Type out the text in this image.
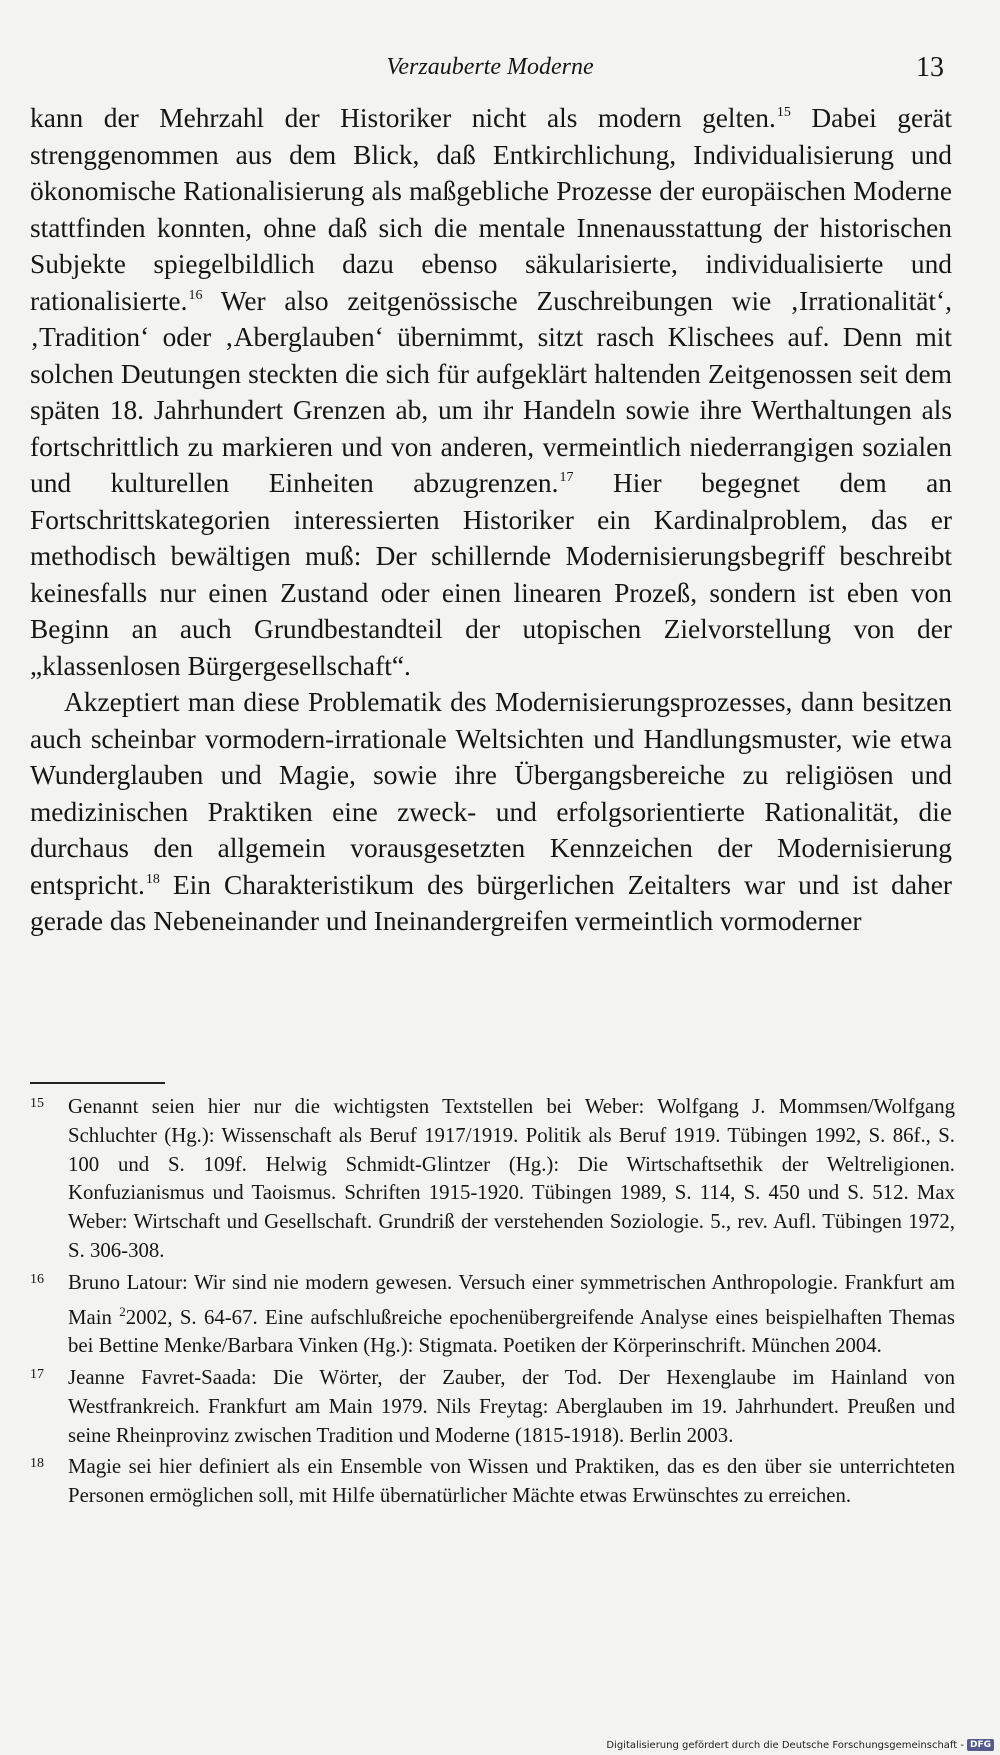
Verzauberte Moderne	13

kann der Mehrzahl der Historiker nicht als modern gelten.$^{15}$ Dabei gerät strenggenommen aus dem Blick, daß Entkirchlichung, Individualisierung und ökonomische Rationalisierung als maßgebliche Prozesse der europäischen Moderne stattfinden konnten, ohne daß sich die mentale Innenausstattung der historischen Subjekte spiegelbildlich dazu ebenso säkularisierte, individualisierte und rationalisierte.$^{16}$ Wer also zeitgenössische Zuschreibungen wie ‚Irrationalität‘, ‚Tradition‘ oder ‚Aberglauben‘ übernimmt, sitzt rasch Klischees auf. Denn mit solchen Deutungen steckten die sich für aufgeklärt haltenden Zeitgenossen seit dem späten 18. Jahrhundert Grenzen ab, um ihr Handeln sowie ihre Werthaltungen als fortschrittlich zu markieren und von anderen, vermeintlich niederrangigen sozialen und kulturellen Einheiten abzugrenzen.$^{17}$ Hier begegnet dem an Fortschrittskategorien interessierten Historiker ein Kardinalproblem, das er methodisch bewältigen muß: Der schillernde Modernisierungsbegriff beschreibt keinesfalls nur einen Zustand oder einen linearen Prozeß, sondern ist eben von Beginn an auch Grundbestandteil der utopischen Zielvorstellung von der „klassenlosen Bürgergesellschaft“.

Akzeptiert man diese Problematik des Modernisierungsprozesses, dann besitzen auch scheinbar vormodern-irrationale Weltsichten und Handlungsmuster, wie etwa Wunderglauben und Magie, sowie ihre Übergangsbereiche zu religiösen und medizinischen Praktiken eine zweck- und erfolgsorientierte Rationalität, die durchaus den allgemein vorausgesetzten Kennzeichen der Modernisierung entspricht.$^{18}$ Ein Charakteristikum des bürgerlichen Zeitalters war und ist daher gerade das Nebeneinander und Ineinandergreifen vermeintlich vormoderner

15 Genannt seien hier nur die wichtigsten Textstellen bei Weber: Wolfgang J. Mommsen/Wolfgang Schluchter (Hg.): Wissenschaft als Beruf 1917/1919. Politik als Beruf 1919. Tübingen 1992, S. 86f., S. 100 und S. 109f. Helwig Schmidt-Glintzer (Hg.): Die Wirtschaftsethik der Weltreligionen. Konfuzianismus und Taoismus. Schriften 1915-1920. Tübingen 1989, S. 114, S. 450 und S. 512. Max Weber: Wirtschaft und Gesellschaft. Grundriß der verstehenden Soziologie. 5., rev. Aufl. Tübingen 1972, S. 306-308.
16 Bruno Latour: Wir sind nie modern gewesen. Versuch einer symmetrischen Anthropologie. Frankfurt am Main $^2$2002, S. 64-67. Eine aufschlußreiche epochenübergreifende Analyse eines beispielhaften Themas bei Bettine Menke/Barbara Vinken (Hg.): Stigmata. Poetiken der Körperinschrift. München 2004.
17 Jeanne Favret-Saada: Die Wörter, der Zauber, der Tod. Der Hexenglaube im Hainland von Westfrankreich. Frankfurt am Main 1979. Nils Freytag: Aberglauben im 19. Jahrhundert. Preußen und seine Rheinprovinz zwischen Tradition und Moderne (1815-1918). Berlin 2003.
18 Magie sei hier definiert als ein Ensemble von Wissen und Praktiken, das es den über sie unterrichteten Personen ermöglichen soll, mit Hilfe übernatürlicher Mächte etwas Erwünschtes zu erreichen.
Digitalisierung gefördert durch die Deutsche Forschungsgemeinschaft - DFG
